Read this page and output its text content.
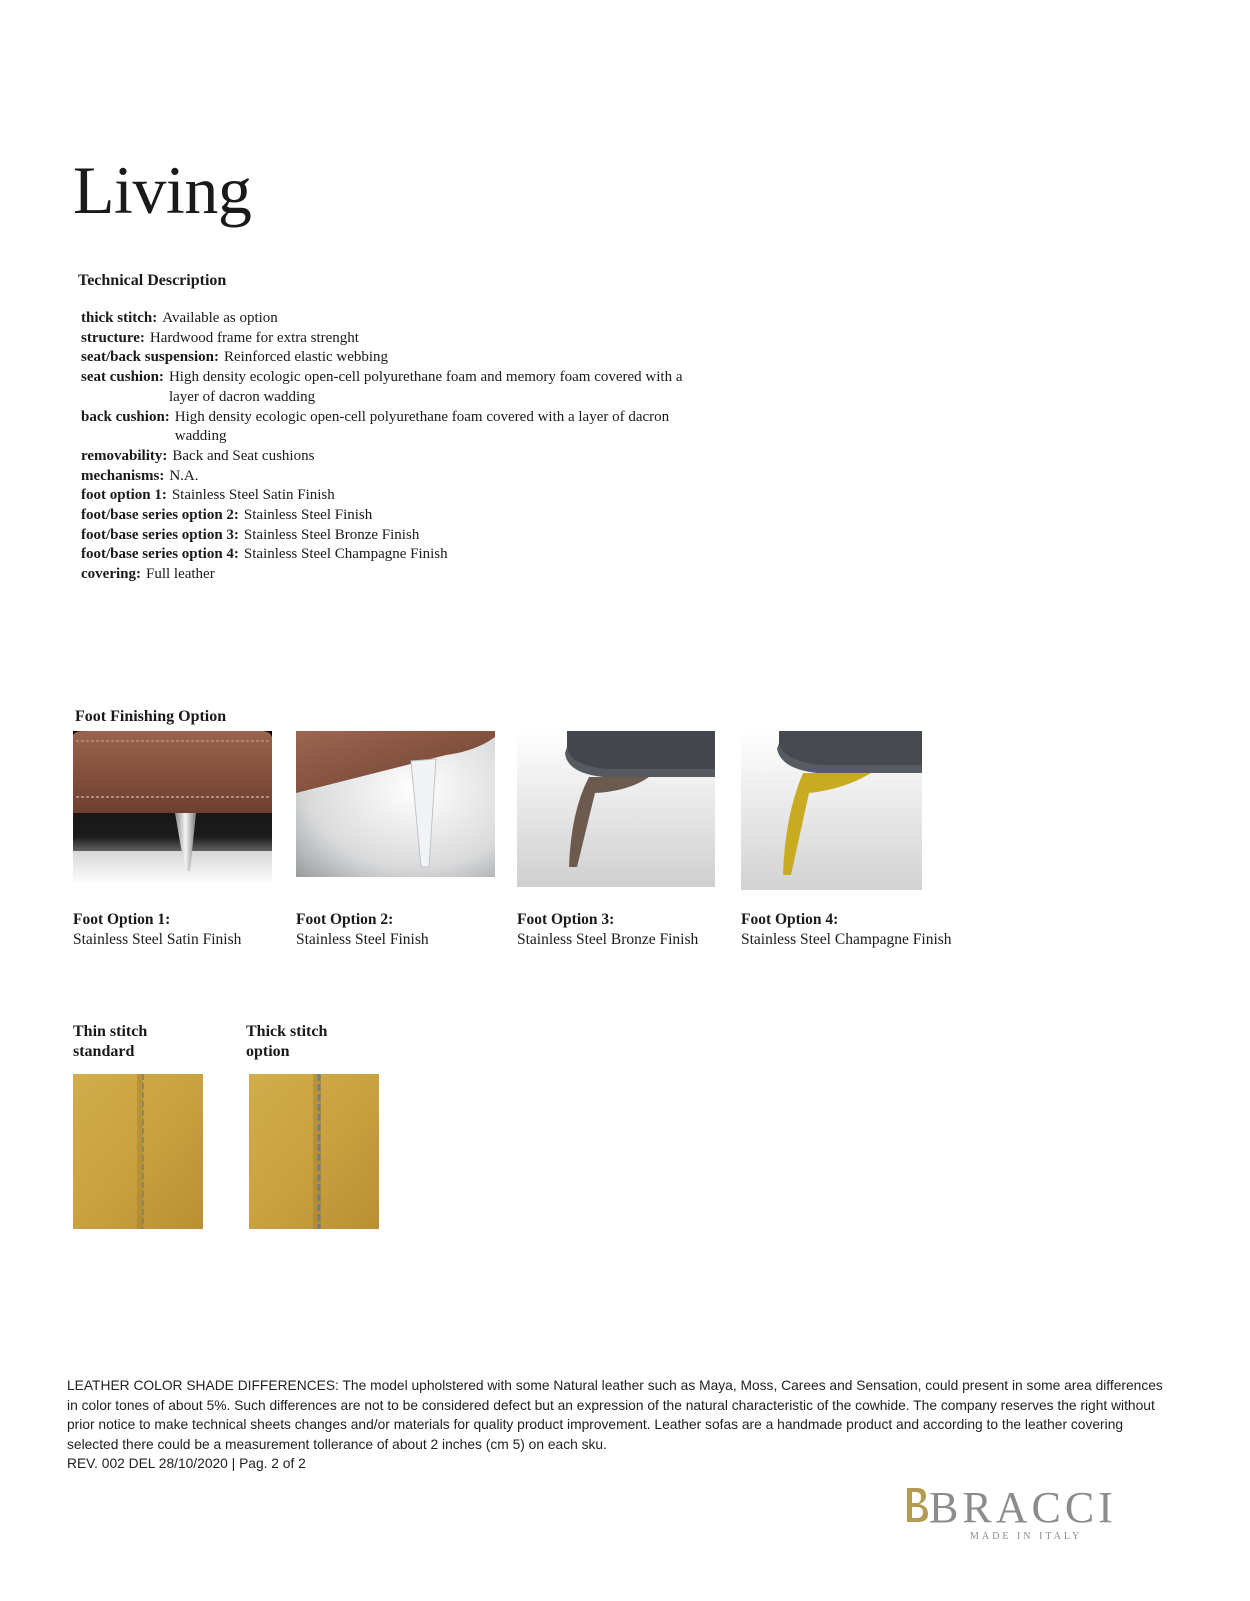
Living
Technical Description
thick stitch: Available as option
structure: Hardwood frame for extra strenght
seat/back suspension: Reinforced elastic webbing
seat cushion: High density ecologic open-cell polyurethane foam and memory foam covered with a layer of dacron wadding
back cushion: High density ecologic open-cell polyurethane foam covered with a layer of dacron wadding
removability: Back and Seat cushions
mechanisms: N.A.
foot option 1: Stainless Steel Satin Finish
foot/base series option 2: Stainless Steel Finish
foot/base series option 3: Stainless Steel Bronze Finish
foot/base series option 4: Stainless Steel Champagne Finish
covering: Full leather
Foot Finishing Option
Foot Option 1:
Stainless Steel Satin Finish
Foot Option 2:
Stainless Steel Finish
Foot Option 3:
Stainless Steel Bronze Finish
Foot Option 4:
Stainless Steel Champagne Finish
Thin stitch
standard
Thick stitch
option
LEATHER COLOR SHADE DIFFERENCES: The model upholstered with some Natural leather such as Maya, Moss, Carees and Sensation, could present in some area differences in color tones of about 5%. Such differences are not to be considered defect but an expression of the natural characteristic of the cowhide. The company reserves the right without prior notice to make technical sheets changes and/or materials for quality product improvement. Leather sofas are a handmade product and according to the leather covering selected there could be a measurement tollerance of about 2 inches (cm 5) on each sku.
REV. 002 DEL 28/10/2020 | Pag. 2 of 2
BRACCI
MADE IN ITALY
